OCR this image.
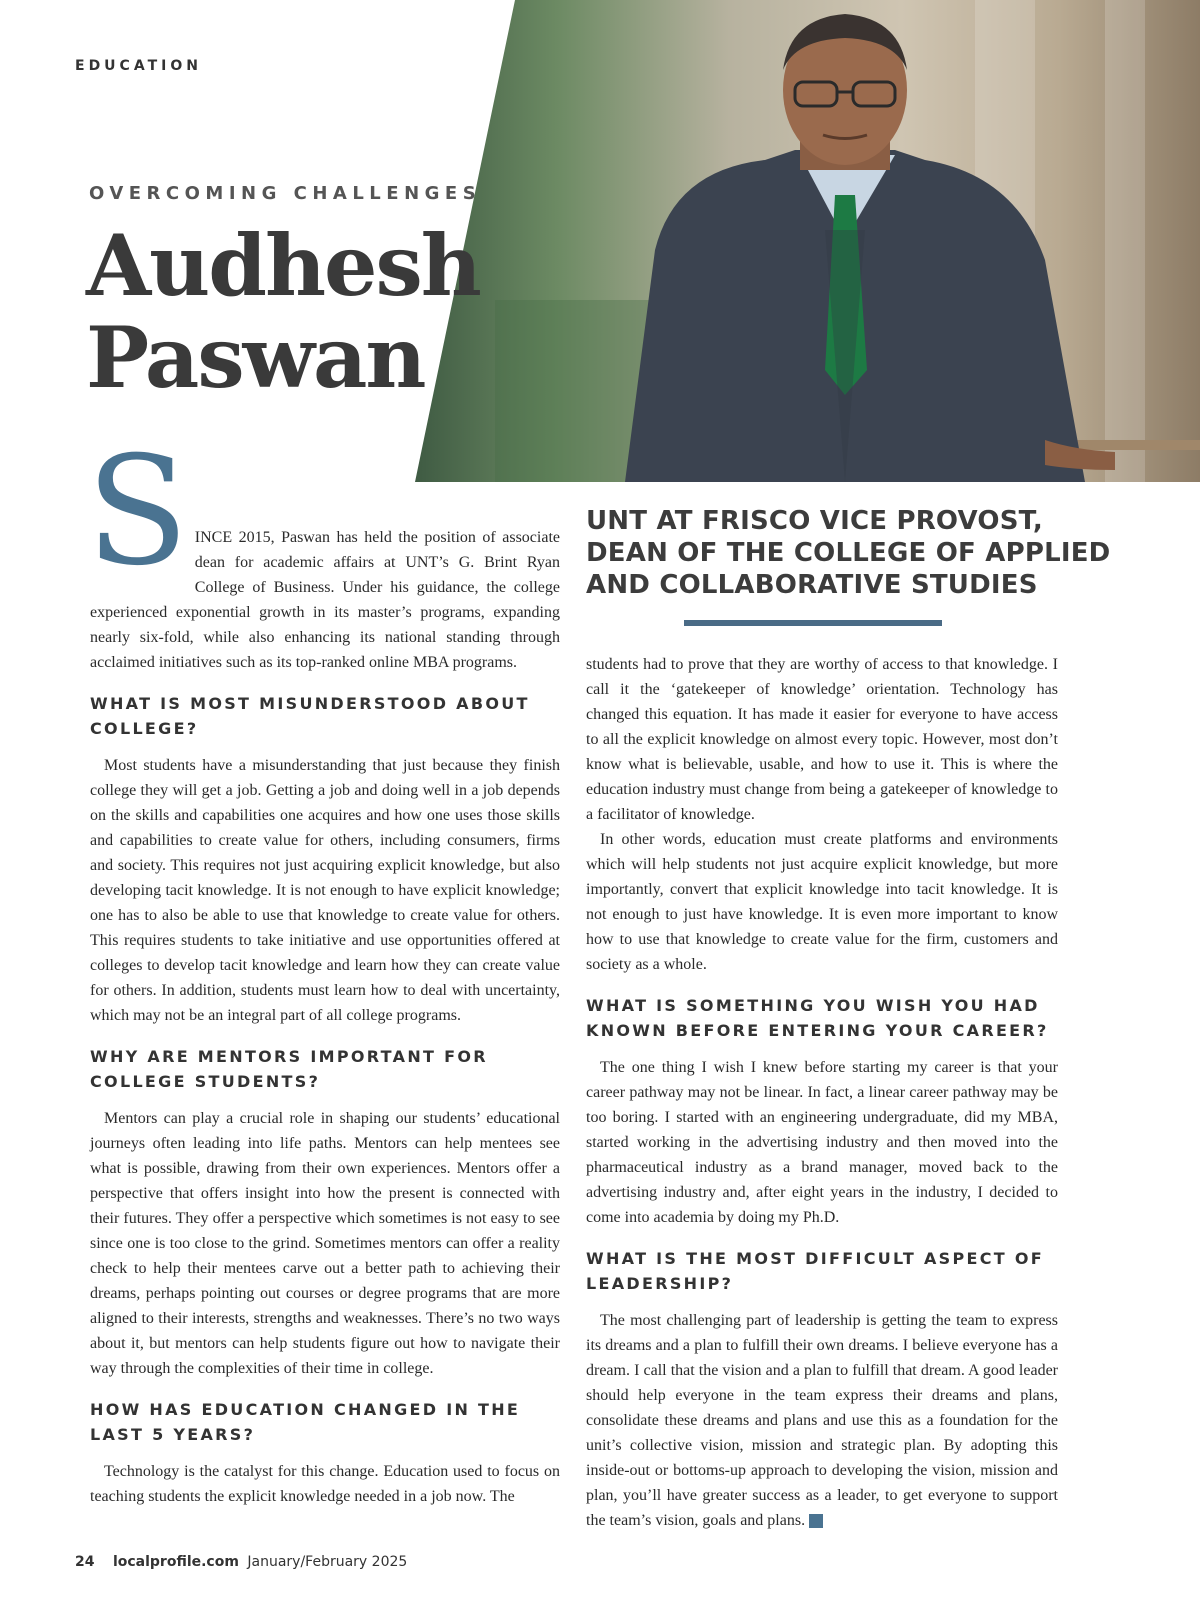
EDUCATION
OVERCOMING CHALLENGES
Audhesh
Paswan
UNT AT FRISCO VICE PROVOST, DEAN OF THE COLLEGE OF APPLIED AND COLLABORATIVE STUDIES

SINCE 2015, Paswan has held the position of associate dean for academic affairs at UNT’s G. Brint Ryan College of Business. Under his guidance, the college experienced exponential growth in its master’s programs, expanding nearly six-fold, while also enhancing its national standing through acclaimed initiatives such as its top-ranked online MBA programs.

WHAT IS MOST MISUNDERSTOOD ABOUT COLLEGE?

Most students have a misunderstanding that just because they finish college they will get a job. Getting a job and doing well in a job depends on the skills and capabilities one acquires and how one uses those skills and capabilities to create value for others, including consumers, firms and society. This requires not just acquiring explicit knowledge, but also developing tacit knowledge. It is not enough to have explicit knowledge; one has to also be able to use that knowledge to create value for others. This requires students to take initiative and use opportunities offered at colleges to develop tacit knowledge and learn how they can create value for others. In addition, students must learn how to deal with uncertainty, which may not be an integral part of all college programs.

WHY ARE MENTORS IMPORTANT FOR COLLEGE STUDENTS?

Mentors can play a crucial role in shaping our students’ educational journeys often leading into life paths. Mentors can help mentees see what is possible, drawing from their own experiences. Mentors offer a perspective that offers insight into how the present is connected with their futures. They offer a perspective which sometimes is not easy to see since one is too close to the grind. Sometimes mentors can offer a reality check to help their mentees carve out a better path to achieving their dreams, perhaps pointing out courses or degree programs that are more aligned to their interests, strengths and weaknesses. There’s no two ways about it, but mentors can help students figure out how to navigate their way through the complexities of their time in college.

HOW HAS EDUCATION CHANGED IN THE LAST 5 YEARS?

Technology is the catalyst for this change. Education used to focus on teaching students the explicit knowledge needed in a job now. The

students had to prove that they are worthy of access to that knowledge. I call it the ‘gatekeeper of knowledge’ orientation. Technology has changed this equation. It has made it easier for everyone to have access to all the explicit knowledge on almost every topic. However, most don’t know what is believable, usable, and how to use it. This is where the education industry must change from being a gatekeeper of knowledge to a facilitator of knowledge.

In other words, education must create platforms and environments which will help students not just acquire explicit knowledge, but more importantly, convert that explicit knowledge into tacit knowledge. It is not enough to just have knowledge. It is even more important to know how to use that knowledge to create value for the firm, customers and society as a whole.

WHAT IS SOMETHING YOU WISH YOU HAD KNOWN BEFORE ENTERING YOUR CAREER?

The one thing I wish I knew before starting my career is that your career pathway may not be linear. In fact, a linear career pathway may be too boring. I started with an engineering undergraduate, did my MBA, started working in the advertising industry and then moved into the pharmaceutical industry as a brand manager, moved back to the advertising industry and, after eight years in the industry, I decided to come into academia by doing my Ph.D.

WHAT IS THE MOST DIFFICULT ASPECT OF LEADERSHIP?

The most challenging part of leadership is getting the team to express its dreams and a plan to fulfill their own dreams. I believe everyone has a dream. I call that the vision and a plan to fulfill that dream. A good leader should help everyone in the team express their dreams and plans, consolidate these dreams and plans and use this as a foundation for the unit’s collective vision, mission and strategic plan. By adopting this inside-out or bottoms-up approach to developing the vision, mission and plan, you’ll have greater success as a leader, to get everyone to support the team’s vision, goals and plans. lp

24 localprofile.com January/February 2025
